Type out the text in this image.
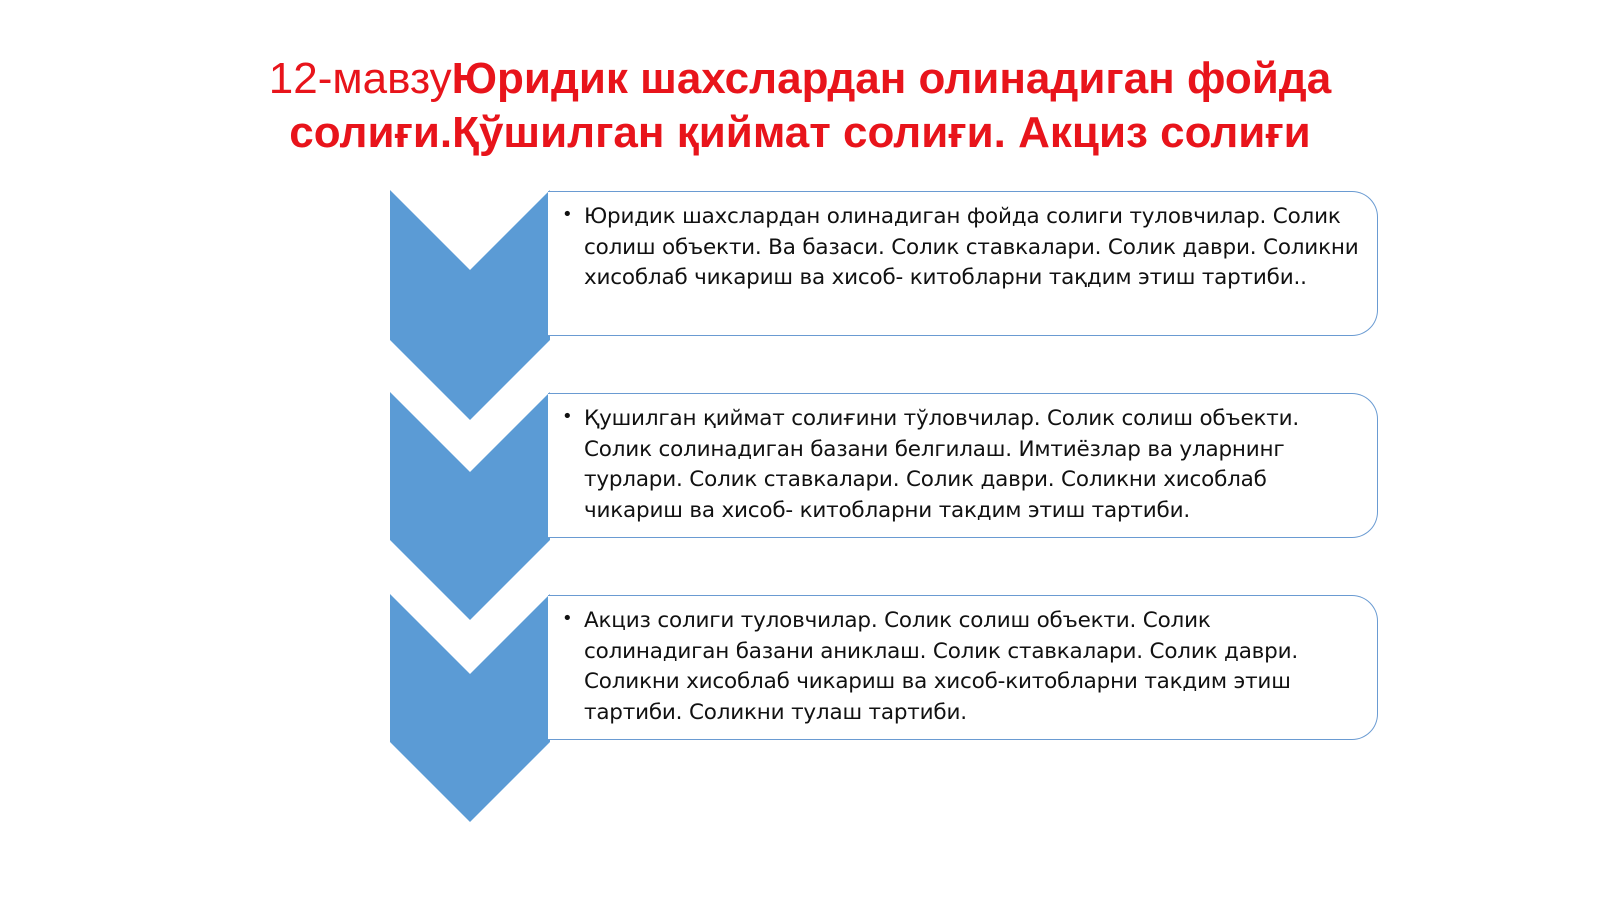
12-мавзуЮридик шахслардан олинадиган фойда солиғи.Қўшилган қиймат солиғи. Акциз солиғи
• Юридик шахслардан олинадиган фойда солиги туловчилар. Солик солиш объекти. Ва базаси. Солик ставкалари. Солик даври. Соликни хисоблаб чикариш ва хисоб- китобларни тақдим этиш тартиби..
• Қушилган қиймат солиғини тўловчилар. Солик солиш объекти. Солик солинадиган базани белгилаш. Имтиёзлар ва уларнинг турлари. Солик ставкалари. Солик даври. Соликни хисоблаб чикариш ва хисоб- китобларни такдим этиш тартиби.
• Акциз солиги туловчилар. Солик солиш объекти. Солик солинадиган базани аниклаш. Солик ставкалари. Солик даври. Соликни хисоблаб чикариш ва хисоб-китобларни такдим этиш тартиби. Соликни тулаш тартиби.
